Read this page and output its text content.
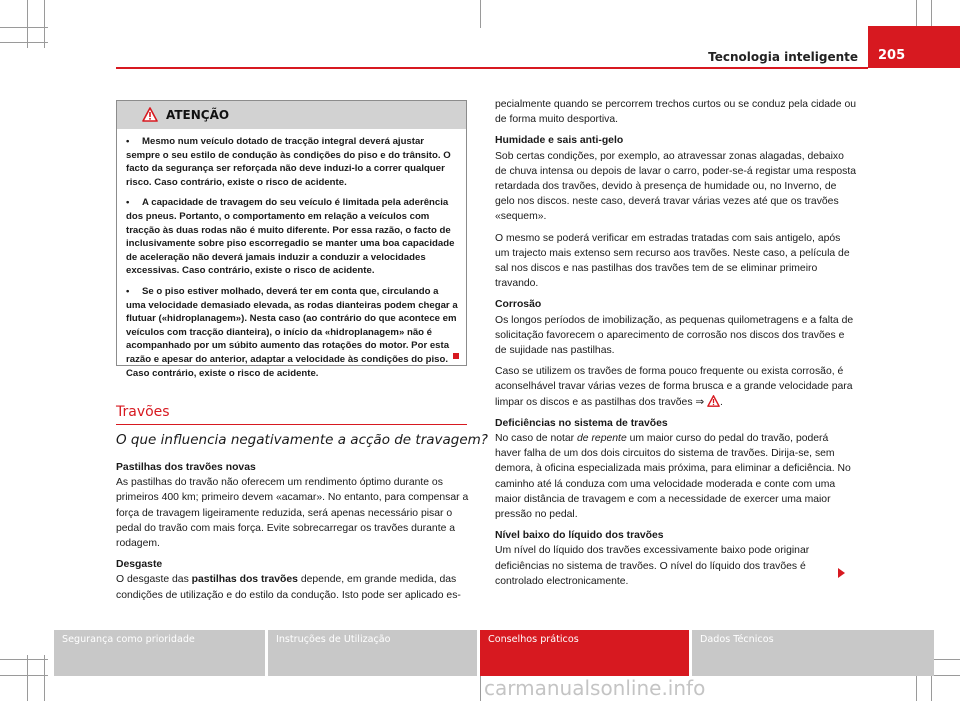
Tecnologia inteligente	205
ATENÇÃO

• Mesmo num veículo dotado de tracção integral deverá ajustar sempre o seu estilo de condução às condições do piso e do trânsito. O facto da segurança ser reforçada não deve induzi-lo a correr qualquer risco. Caso contrário, existe o risco de acidente.

• A capacidade de travagem do seu veículo é limitada pela aderência dos pneus. Portanto, o comportamento em relação a veículos com tracção às duas rodas não é muito diferente. Por essa razão, o facto de inclusivamente sobre piso escorregadio se manter uma boa capacidade de aceleração não deverá jamais induzir a conduzir a velocidades excessivas. Caso contrário, existe o risco de acidente.

• Se o piso estiver molhado, deverá ter em conta que, circulando a uma velocidade demasiado elevada, as rodas dianteiras podem chegar a flutuar («hidroplanagem»). Nesta caso (ao contrário do que acontece em veículos com tracção dianteira), o início da «hidroplanagem» não é acompanhado por um súbito aumento das rotações do motor. Por esta razão e apesar do anterior, adaptar a velocidade às condições do piso. Caso contrário, existe o risco de acidente.

Travões
O que influencia negativamente a acção de travagem?
Pastilhas dos travões novas

As pastilhas do travão não oferecem um rendimento óptimo durante os primeiros 400 km; primeiro devem «acamar». No entanto, para compensar a força de travagem ligeiramente reduzida, será apenas necessário pisar o pedal do travão com mais força. Evite sobrecarregar os travões durante a rodagem.

Desgaste

O desgaste das pastilhas dos travões depende, em grande medida, das condições de utilização e do estilo da condução. Isto pode ser aplicado es-

pecialmente quando se percorrem trechos curtos ou se conduz pela cidade ou de forma muito desportiva.

Humidade e sais anti-gelo

Sob certas condições, por exemplo, ao atravessar zonas alagadas, debaixo de chuva intensa ou depois de lavar o carro, poder-se-á registar uma resposta retardada dos travões, devido à presença de humidade ou, no Inverno, de gelo nos discos. neste caso, deverá travar várias vezes até que os travões «sequem».

O mesmo se poderá verificar em estradas tratadas com sais antigelo, após um trajecto mais extenso sem recurso aos travões. Neste caso, a película de sal nos discos e nas pastilhas dos travões tem de se eliminar primeiro travando.

Corrosão

Os longos períodos de imobilização, as pequenas quilometragens e a falta de solicitação favorecem o aparecimento de corrosão nos discos dos travões e de sujidade nas pastilhas.

Caso se utilizem os travões de forma pouco frequente ou exista corrosão, é aconselhável travar várias vezes de forma brusca e a grande velocidade para limpar os discos e as pastilhas dos travões ⇒ .

Deficiências no sistema de travões

No caso de notar de repente um maior curso do pedal do travão, poderá haver falha de um dos dois circuitos do sistema de travões. Dirija-se, sem demora, à oficina especializada mais próxima, para eliminar a deficiência. No caminho até lá conduza com uma velocidade moderada e conte com uma maior distância de travagem e com a necessidade de exercer uma maior pressão no pedal.

Nível baixo do líquido dos travões

Um nível do líquido dos travões excessivamente baixo pode originar deficiências no sistema de travões. O nível do líquido dos travões é controlado electronicamente.

Segurança como prioridade	Instruções de Utilização	Conselhos práticos	Dados Técnicos
carmanualsonline.info
